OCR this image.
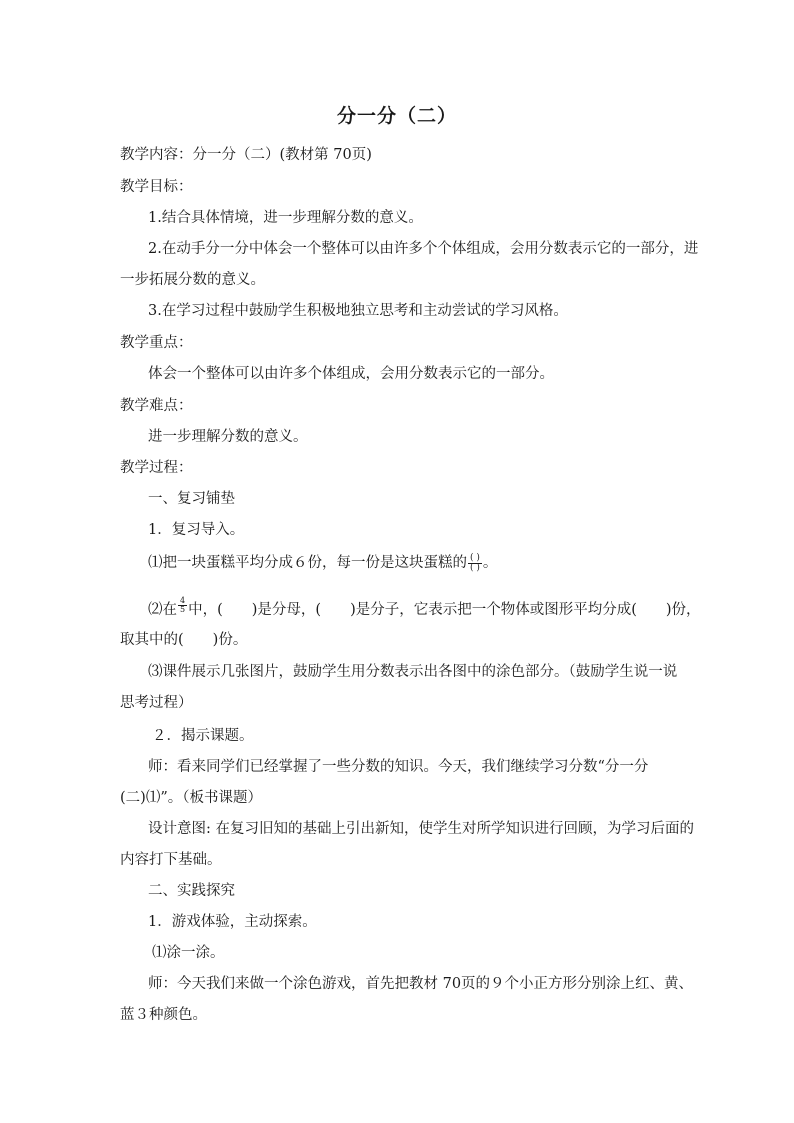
分一分（二）
教学内容：分一分（二）(教材第 70页)
教学目标：
1.结合具体情境，进一步理解分数的意义。
2.在动手分一分中体会一个整体可以由许多个个体组成，会用分数表示它的一部分，进
一步拓展分数的意义。
3.在学习过程中鼓励学生积极地独立思考和主动尝试的学习风格。
教学重点：
体会一个整体可以由许多个体组成，会用分数表示它的一部分。
教学难点：
进一步理解分数的意义。
教学过程：
一、复习铺垫
1．复习导入。
⑴把一块蛋糕平均分成６份，每一份是这块蛋糕的 $\frac{( )}{( )}$ 。
⑵在 $\frac{4}{5}$ 中，(　　)是分母，(　　)是分子，它表示把一个物体或图形平均分成(　　)份，
取其中的(　　)份。
⑶课件展示几张图片，鼓励学生用分数表示出各图中的涂色部分。（鼓励学生说一说
思考过程）
２．揭示课题。
师：看来同学们已经掌握了一些分数的知识。今天，我们继续学习分数“分一分
(二)⑴”。（板书课题）
设计意图: 在复习旧知的基础上引出新知，使学生对所学知识进行回顾，为学习后面的
内容打下基础。
二、实践探究
1．游戏体验，主动探索。
⑴涂一涂。
师：今天我们来做一个涂色游戏，首先把教材 70页的９个小正方形分别涂上红、黄、
蓝３种颜色。
